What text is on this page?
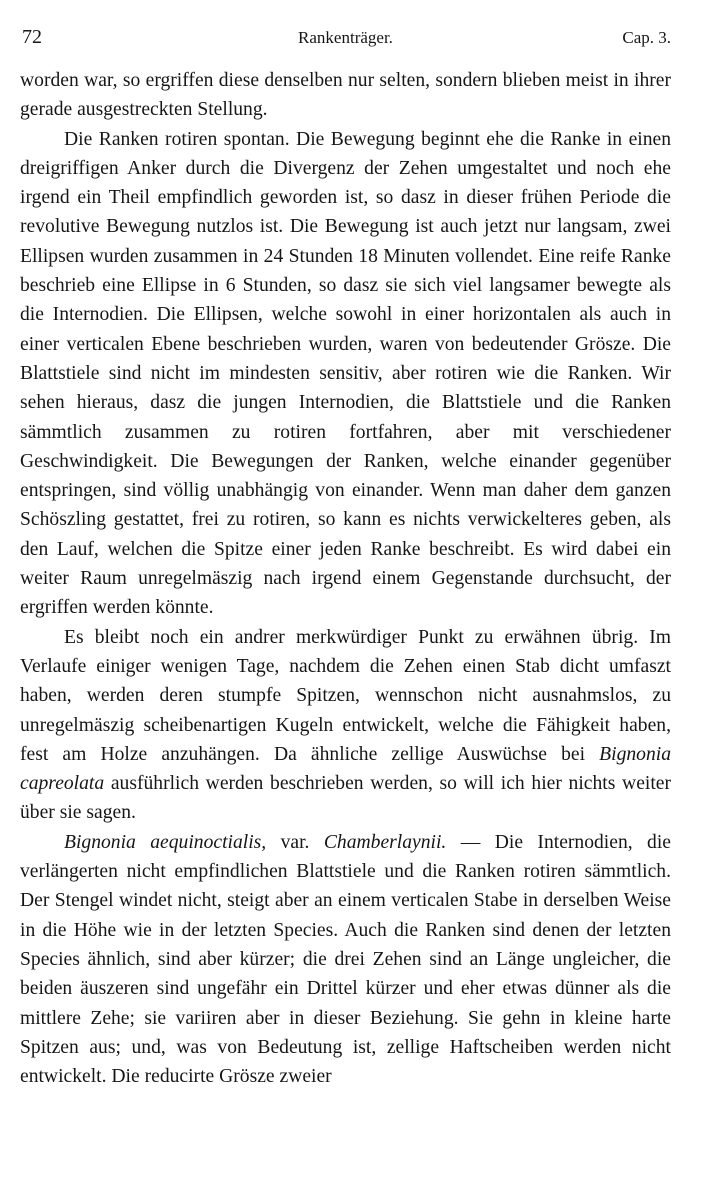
72	Rankenträger.	Cap. 3.

worden war, so ergriffen diese denselben nur selten, sondern blieben meist in ihrer gerade ausgestreckten Stellung.

Die Ranken rotiren spontan. Die Bewegung beginnt ehe die Ranke in einen dreigriffigen Anker durch die Divergenz der Zehen umgestaltet und noch ehe irgend ein Theil empfindlich geworden ist, so dasz in dieser frühen Periode die revolutive Bewegung nutzlos ist. Die Bewegung ist auch jetzt nur langsam, zwei Ellipsen wurden zusammen in 24 Stunden 18 Minuten vollendet. Eine reife Ranke beschrieb eine Ellipse in 6 Stunden, so dasz sie sich viel langsamer bewegte als die Internodien. Die Ellipsen, welche sowohl in einer horizontalen als auch in einer verticalen Ebene beschrieben wurden, waren von bedeutender Grösze. Die Blattstiele sind nicht im mindesten sensitiv, aber rotiren wie die Ranken. Wir sehen hieraus, dasz die jungen Internodien, die Blattstiele und die Ranken sämmtlich zusammen zu rotiren fortfahren, aber mit verschiedener Geschwindigkeit. Die Bewegungen der Ranken, welche einander gegenüber entspringen, sind völlig unabhängig von einander. Wenn man daher dem ganzen Schöszling gestattet, frei zu rotiren, so kann es nichts verwickelteres geben, als den Lauf, welchen die Spitze einer jeden Ranke beschreibt. Es wird dabei ein weiter Raum unregelmäszig nach irgend einem Gegenstande durchsucht, der ergriffen werden könnte.

Es bleibt noch ein andrer merkwürdiger Punkt zu erwähnen übrig. Im Verlaufe einiger wenigen Tage, nachdem die Zehen einen Stab dicht umfaszt haben, werden deren stumpfe Spitzen, wennschon nicht ausnahmslos, zu unregelmäszig scheibenartigen Kugeln entwickelt, welche die Fähigkeit haben, fest am Holze anzuhängen. Da ähnliche zellige Auswüchse bei Bignonia capreolata ausführlich werden beschrieben werden, so will ich hier nichts weiter über sie sagen.

Bignonia aequinoctialis, var. Chamberlaynii. — Die Internodien, die verlängerten nicht empfindlichen Blattstiele und die Ranken rotiren sämmtlich. Der Stengel windet nicht, steigt aber an einem verticalen Stabe in derselben Weise in die Höhe wie in der letzten Species. Auch die Ranken sind denen der letzten Species ähnlich, sind aber kürzer; die drei Zehen sind an Länge ungleicher, die beiden äuszeren sind ungefähr ein Drittel kürzer und eher etwas dünner als die mittlere Zehe; sie variiren aber in dieser Beziehung. Sie gehn in kleine harte Spitzen aus; und, was von Bedeutung ist, zellige Haftscheiben werden nicht entwickelt. Die reducirte Grösze zweier
